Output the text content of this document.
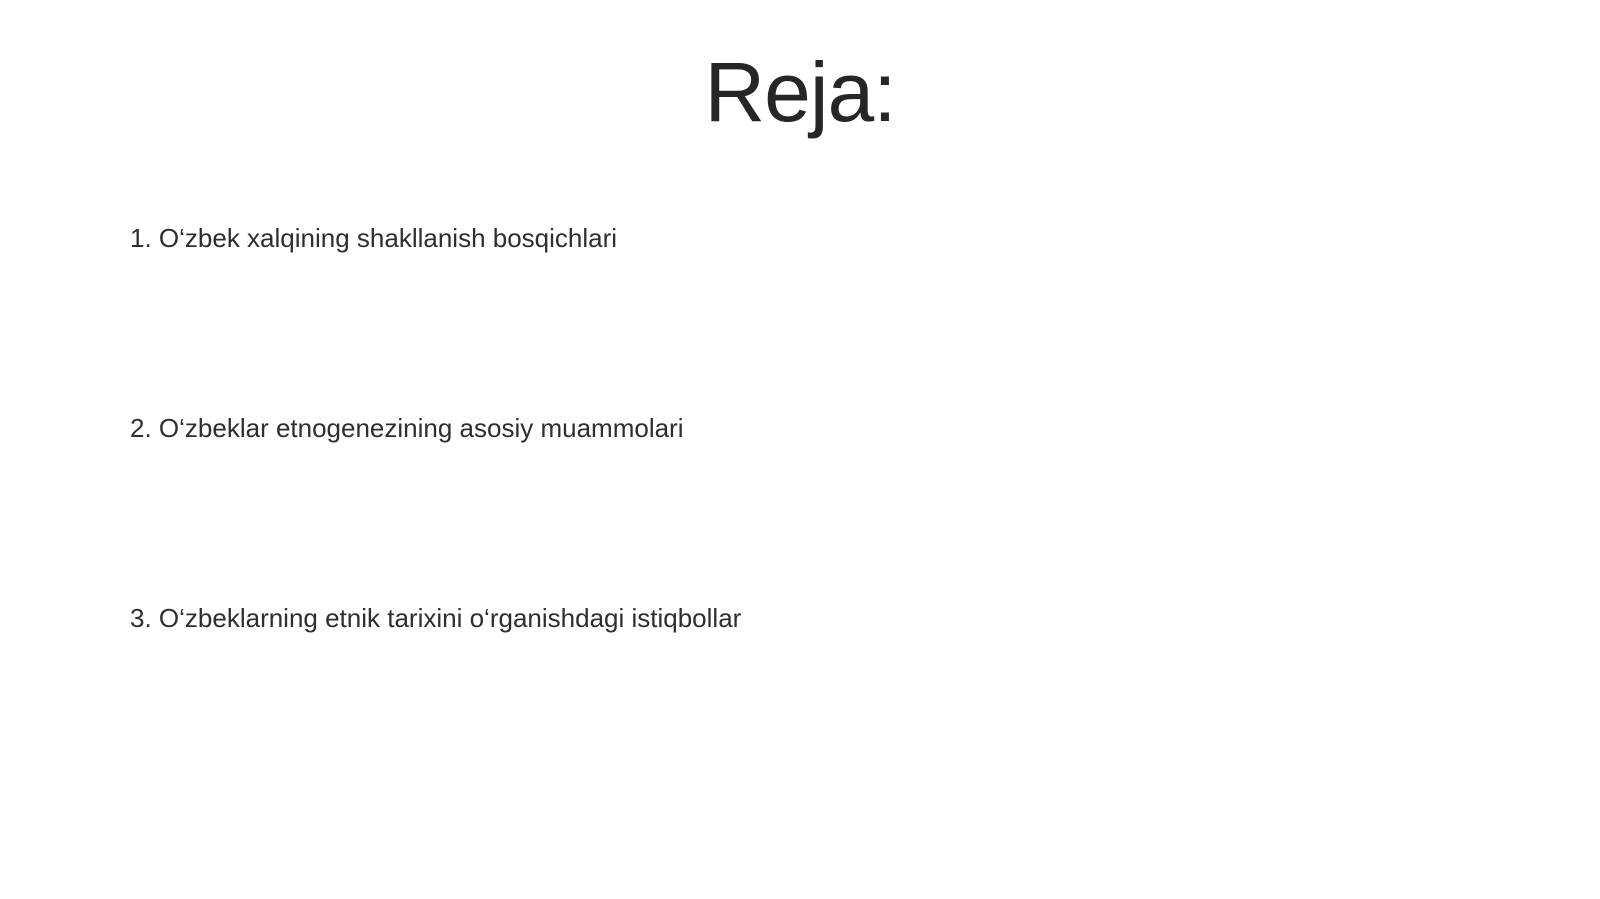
Reja:
1. O‘zbek xalqining shakllanish bosqichlari
2. O‘zbeklar etnogenezining asosiy muammolari
3. O‘zbeklarning etnik tarixini o‘rganishdagi istiqbollar
